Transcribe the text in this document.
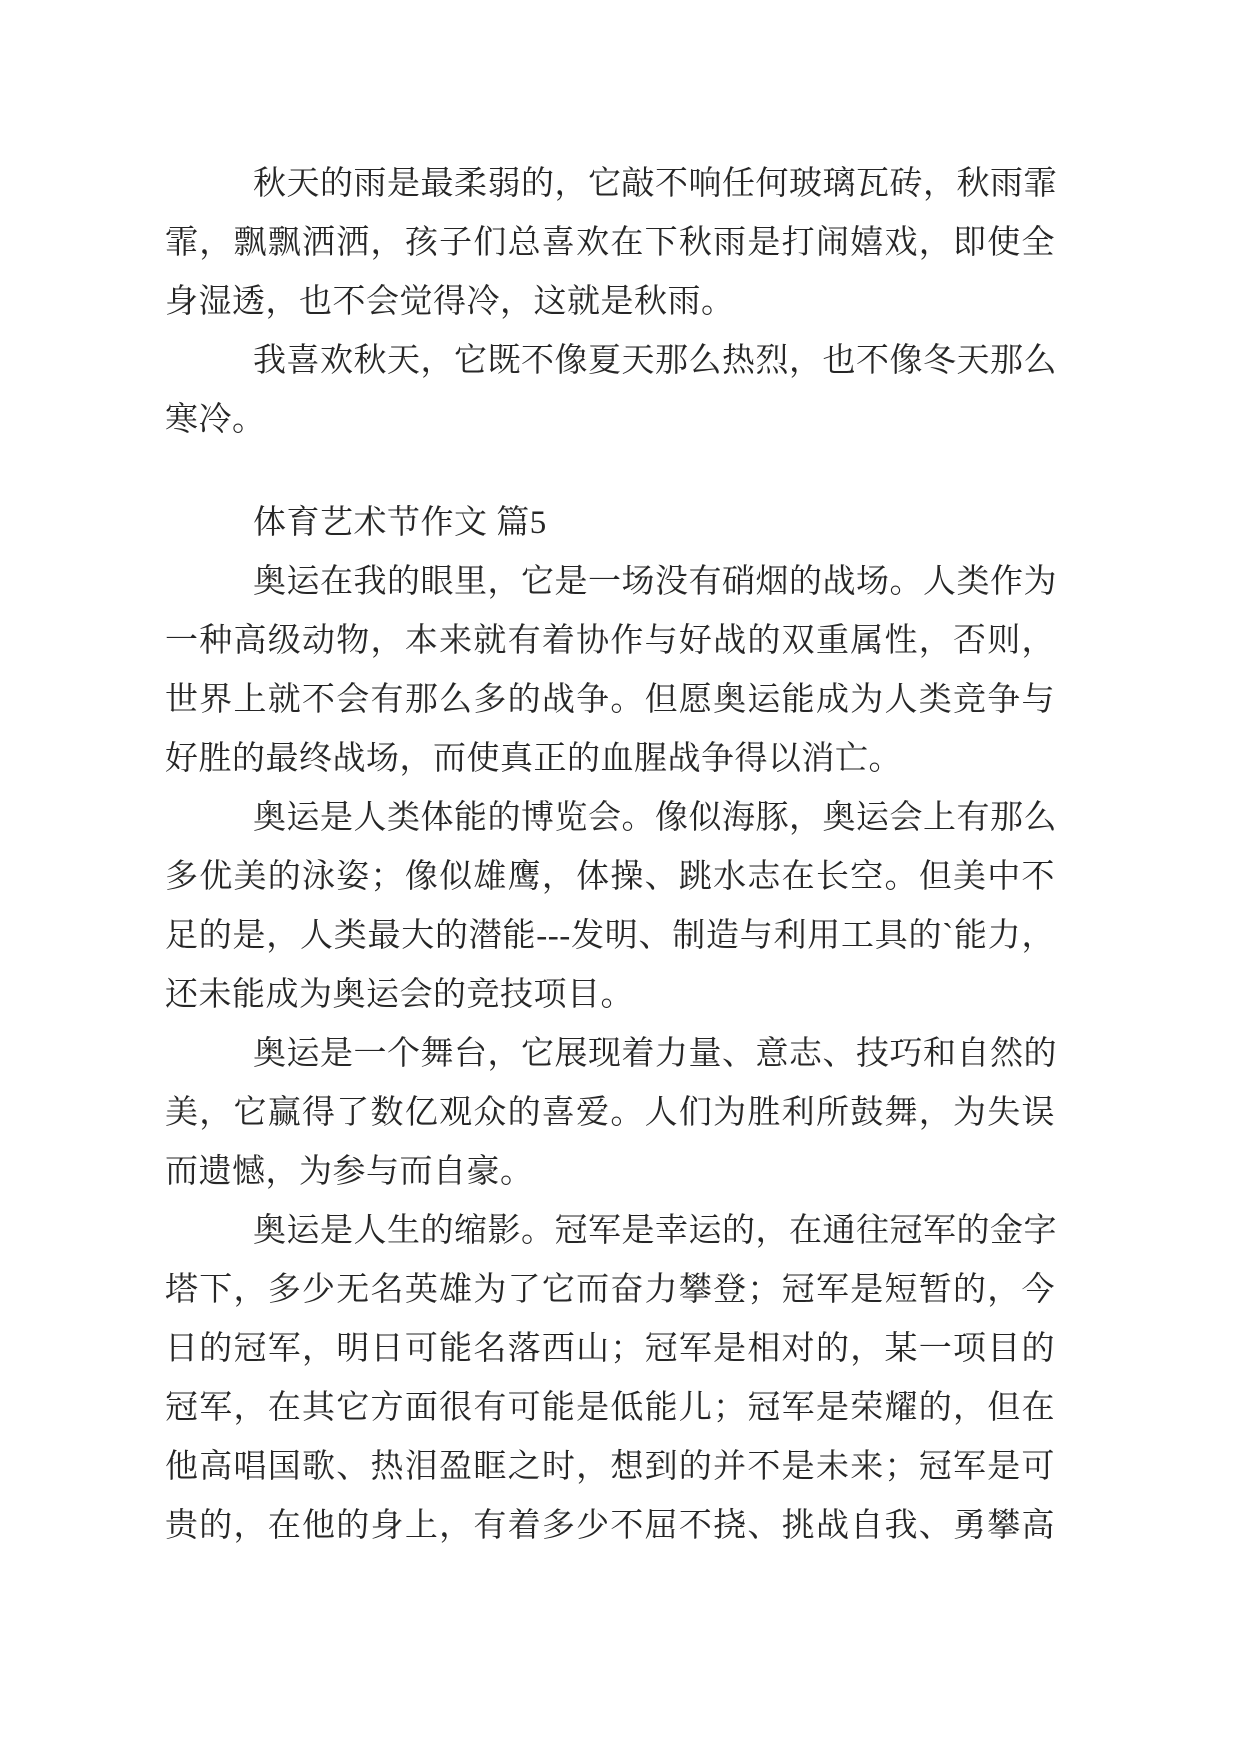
秋天的雨是最柔弱的，它敲不响任何玻璃瓦砖，秋雨霏
霏，飘飘洒洒，孩子们总喜欢在下秋雨是打闹嬉戏，即使全
身湿透，也不会觉得冷，这就是秋雨。
我喜欢秋天，它既不像夏天那么热烈，也不像冬天那么
寒冷。
体育艺术节作文 篇5
奥运在我的眼里，它是一场没有硝烟的战场。人类作为
一种高级动物，本来就有着协作与好战的双重属性，否则，
世界上就不会有那么多的战争。但愿奥运能成为人类竞争与
好胜的最终战场，而使真正的血腥战争得以消亡。
奥运是人类体能的博览会。像似海豚，奥运会上有那么
多优美的泳姿；像似雄鹰，体操、跳水志在长空。但美中不
足的是，人类最大的潜能---发明、制造与利用工具的`能力，
还未能成为奥运会的竞技项目。
奥运是一个舞台，它展现着力量、意志、技巧和自然的
美，它赢得了数亿观众的喜爱。人们为胜利所鼓舞，为失误
而遗憾，为参与而自豪。
奥运是人生的缩影。冠军是幸运的，在通往冠军的金字
塔下，多少无名英雄为了它而奋力攀登；冠军是短暂的，今
日的冠军，明日可能名落西山；冠军是相对的，某一项目的
冠军，在其它方面很有可能是低能儿；冠军是荣耀的，但在
他高唱国歌、热泪盈眶之时，想到的并不是未来；冠军是可
贵的，在他的身上，有着多少不屈不挠、挑战自我、勇攀高
